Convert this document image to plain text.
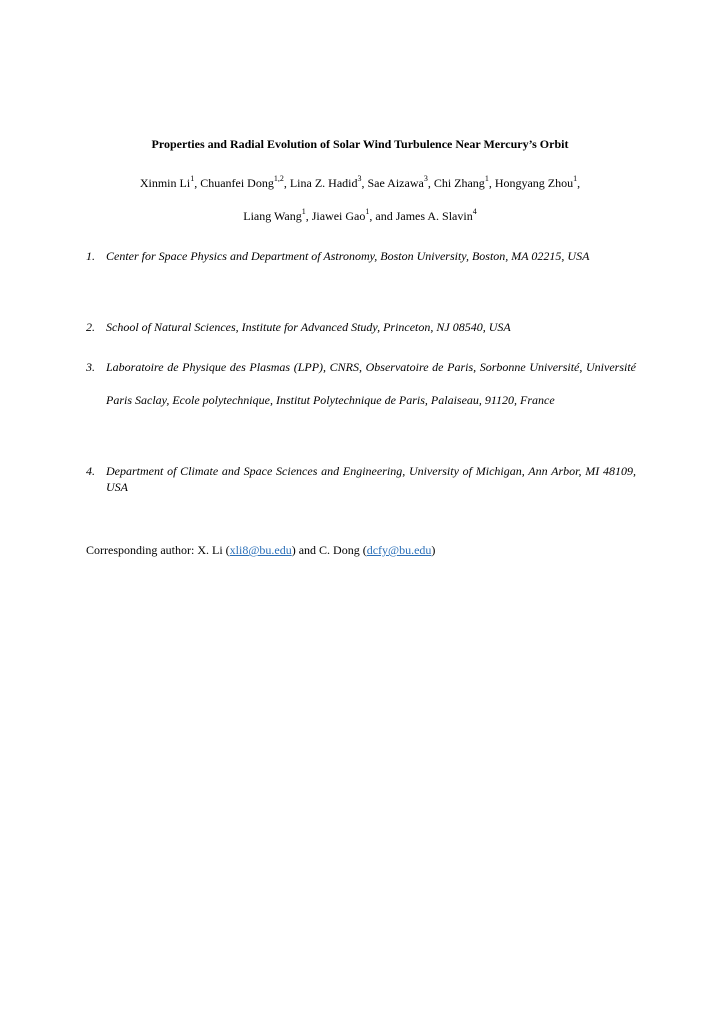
Properties and Radial Evolution of Solar Wind Turbulence Near Mercury’s Orbit
Xinmin Li$^1$, Chuanfei Dong$^{1,2}$, Lina Z. Hadid$^3$, Sae Aizawa$^3$, Chi Zhang$^1$, Hongyang Zhou$^1$,
Liang Wang$^1$, Jiawei Gao$^1$, and James A. Slavin$^4$
1. Center for Space Physics and Department of Astronomy, Boston University, Boston, MA 02215, USA
2. School of Natural Sciences, Institute for Advanced Study, Princeton, NJ 08540, USA
3. Laboratoire de Physique des Plasmas (LPP), CNRS, Observatoire de Paris, Sorbonne Université, Université Paris Saclay, Ecole polytechnique, Institut Polytechnique de Paris, Palaiseau, 91120, France
4. Department of Climate and Space Sciences and Engineering, University of Michigan, Ann Arbor, MI 48109, USA
Corresponding author: X. Li (xli8@bu.edu) and C. Dong (dcfy@bu.edu)
